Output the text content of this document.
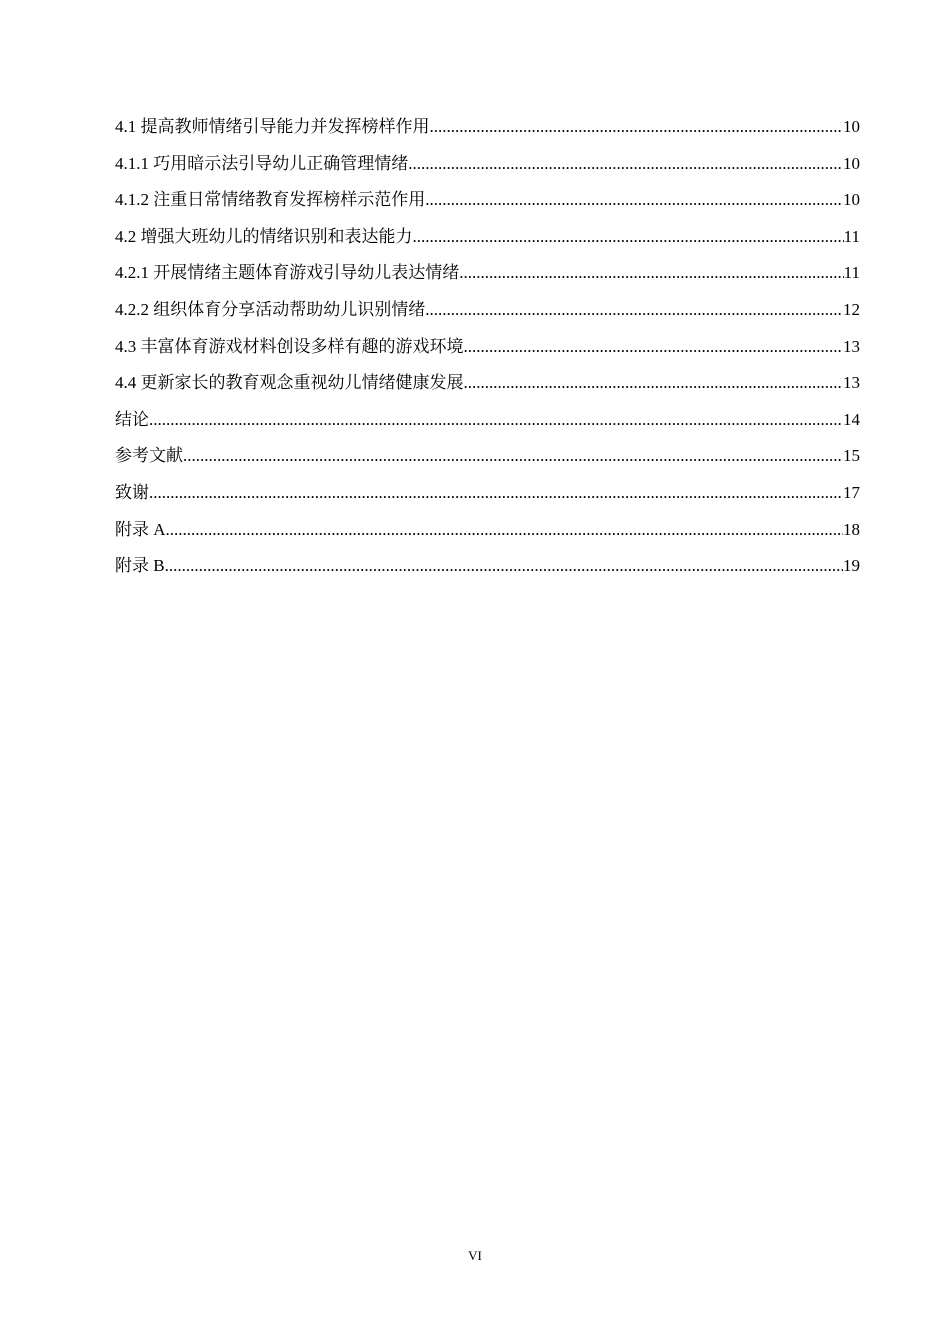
4.1 提高教师情绪引导能力并发挥榜样作用 .....	10
4.1.1 巧用暗示法引导幼儿正确管理情绪 .....	10
4.1.2 注重日常情绪教育发挥榜样示范作用 .....	10
4.2 增强大班幼儿的情绪识别和表达能力 .....	11
4.2.1 开展情绪主题体育游戏引导幼儿表达情绪 .....	11
4.2.2 组织体育分享活动帮助幼儿识别情绪 .....	12
4.3 丰富体育游戏材料创设多样有趣的游戏环境 .....	13
4.4 更新家长的教育观念重视幼儿情绪健康发展 .....	13
结论 .....	14
参考文献 .....	15
致谢 .....	17
附录 A .....	18
附录 B .....	19
VI
